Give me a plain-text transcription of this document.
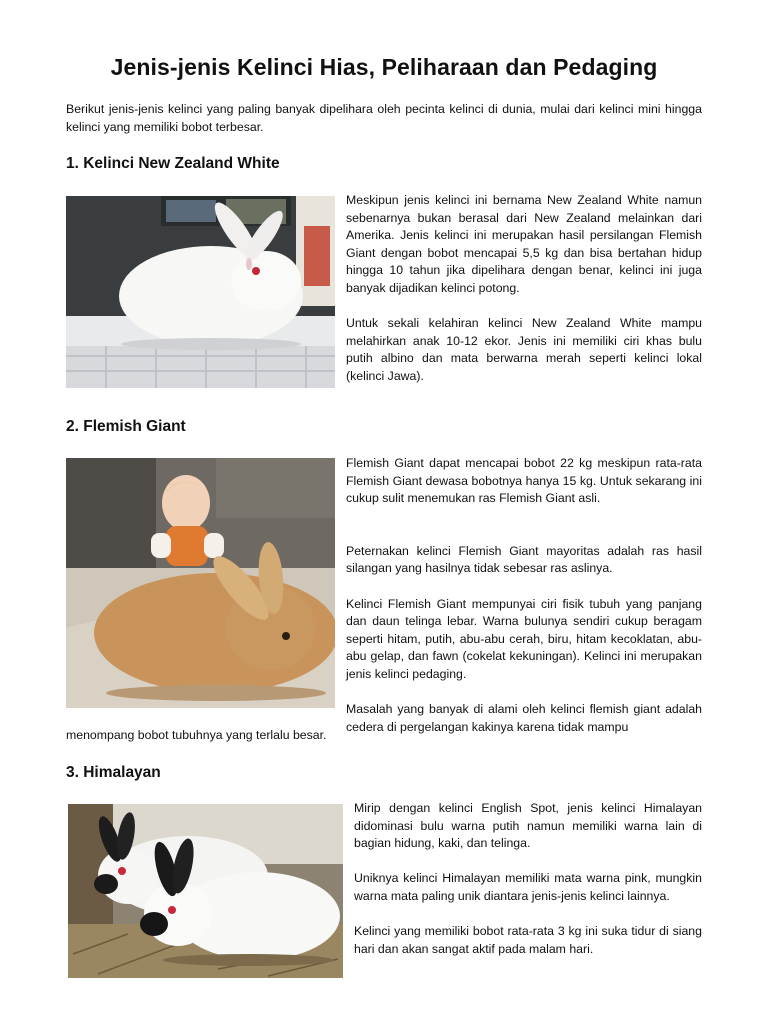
Jenis-jenis Kelinci Hias, Peliharaan dan Pedaging
Berikut jenis-jenis kelinci yang paling banyak dipelihara oleh pecinta kelinci di dunia, mulai dari kelinci mini hingga kelinci yang memiliki bobot terbesar.
1. Kelinci New Zealand White

Meskipun jenis kelinci ini bernama New Zealand White namun sebenarnya bukan berasal dari New Zealand melainkan dari Amerika. Jenis kelinci ini merupakan hasil persilangan Flemish Giant dengan bobot mencapai 5,5 kg dan bisa bertahan hidup hingga 10 tahun jika dipelihara dengan benar, kelinci ini juga banyak dijadikan kelinci potong.

Untuk sekali kelahiran kelinci New Zealand White mampu melahirkan anak 10-12 ekor. Jenis ini memiliki ciri khas bulu putih albino dan mata berwarna merah seperti kelinci lokal (kelinci Jawa).

2. Flemish Giant

Flemish Giant dapat mencapai bobot 22 kg meskipun rata-rata Flemish Giant dewasa bobotnya hanya 15 kg. Untuk sekarang ini cukup sulit menemukan ras Flemish Giant asli.

Peternakan kelinci Flemish Giant mayoritas adalah ras hasil silangan yang hasilnya tidak sebesar ras aslinya.

Kelinci Flemish Giant mempunyai ciri fisik tubuh yang panjang dan daun telinga lebar. Warna bulunya sendiri cukup beragam seperti hitam, putih, abu-abu cerah, biru, hitam kecoklatan, abu-abu gelap, dan fawn (cokelat kekuningan). Kelinci ini merupakan jenis kelinci pedaging.

Masalah yang banyak di alami oleh kelinci flemish giant adalah cedera di pergelangan kakinya karena tidak mampu

menompang bobot tubuhnya yang terlalu besar.
3. Himalayan

Mirip dengan kelinci English Spot, jenis kelinci Himalayan didominasi bulu warna putih namun memiliki warna lain di bagian hidung, kaki, dan telinga.

Uniknya kelinci Himalayan memiliki mata warna pink, mungkin warna mata paling unik diantara jenis-jenis kelinci lainnya.

Kelinci yang memiliki bobot rata-rata 3 kg ini suka tidur di siang hari dan akan sangat aktif pada malam hari.
